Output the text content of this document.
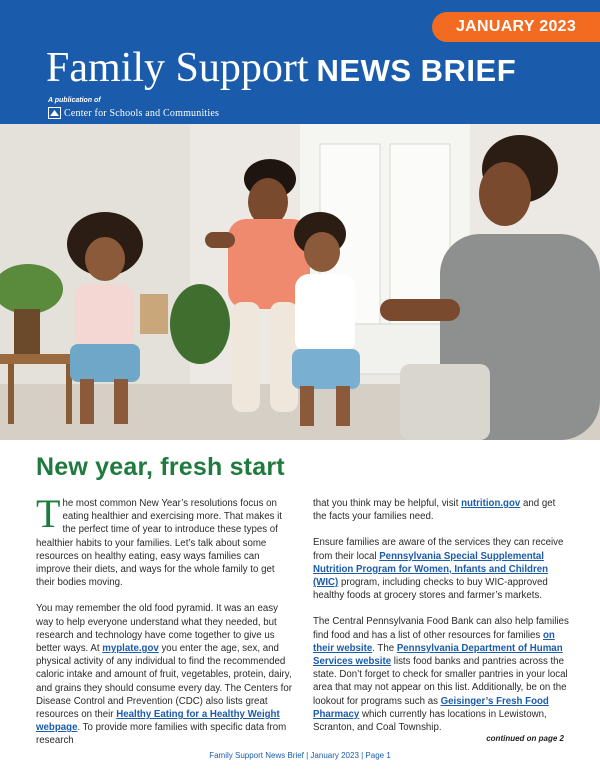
JANUARY 2023
Family Support NEWS BRIEF
A publication of
Center for Schools and Communities
New year, fresh start

The most common New Year’s resolutions focus on eating healthier and exercising more. That makes it the perfect time of year to introduce these types of healthier habits to your families. Let’s talk about some resources on healthy eating, easy ways families can improve their diets, and ways for the whole family to get their bodies moving.

You may remember the old food pyramid. It was an easy way to help everyone understand what they needed, but research and technology have come together to give us better ways. At myplate.gov you enter the age, sex, and physical activity of any individual to find the recommended caloric intake and amount of fruit, vegetables, protein, dairy, and grains they should consume every day. The Centers for Disease Control and Prevention (CDC) also lists great resources on their Healthy Eating for a Healthy Weight webpage. To provide more families with specific data from research

that you think may be helpful, visit nutrition.gov and get the facts your families need.

Ensure families are aware of the services they can receive from their local Pennsylvania Special Supplemental Nutrition Program for Women, Infants and Children (WIC) program, including checks to buy WIC-approved healthy foods at grocery stores and farmer’s markets.

The Central Pennsylvania Food Bank can also help families find food and has a list of other resources for families on their website. The Pennsylvania Department of Human Services website lists food banks and pantries across the state. Don’t forget to check for smaller pantries in your local area that may not appear on this list. Additionally, be on the lookout for programs such as Geisinger’s Fresh Food Pharmacy which currently has locations in Lewistown, Scranton, and Coal Township.

continued on page 2
Family Support News Brief | January 2023 | Page 1
